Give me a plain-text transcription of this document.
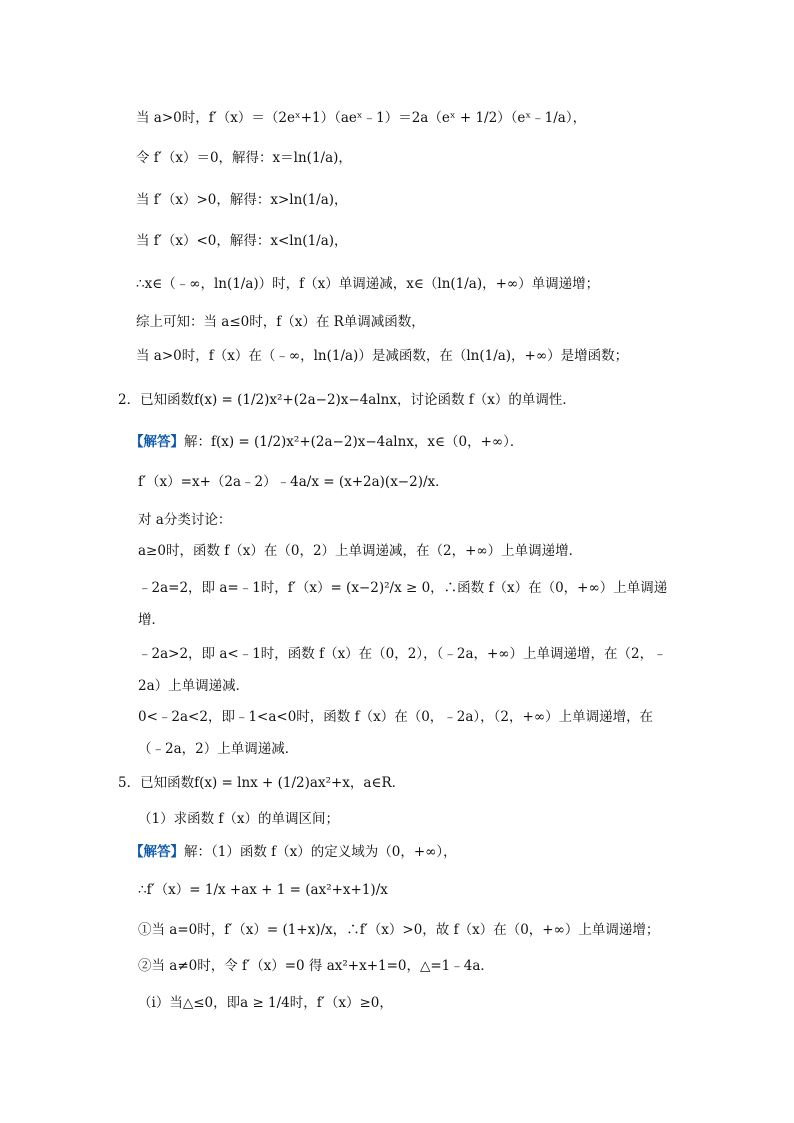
当 a>0时，f′（x）＝（2eˣ+1）（aeˣ﹣1）＝2a（eˣ + 1/2）（eˣ﹣1/a），
令 f′（x）＝0，解得：x＝ln(1/a)，
当 f′（x）>0，解得：x>ln(1/a)，
当 f′（x）<0，解得：x<ln(1/a)，
∴x∈（﹣∞，ln(1/a)）时，f（x）单调递减，x∈（ln(1/a)，+∞）单调递增；
综上可知：当 a≤0时，f（x）在 R单调减函数，
当 a>0时，f（x）在（﹣∞，ln(1/a)）是减函数，在（ln(1/a)，+∞）是增函数；
2．已知函数f(x) = (1/2)x²+(2a−2)x−4alnx，讨论函数 f（x）的单调性．
【解答】解：f(x) = (1/2)x²+(2a−2)x−4alnx，x∈（0，+∞）．
f′（x）=x+（2a﹣2）﹣4a/x = (x+2a)(x−2)/x．
对 a分类讨论：
a≥0时，函数 f（x）在（0，2）上单调递减，在（2，+∞）上单调递增．
﹣2a=2，即 a=﹣1时，f′（x）= (x−2)²/x ≥ 0，∴函数 f（x）在（0，+∞）上单调递
增．
﹣2a>2，即 a<﹣1时，函数 f（x）在（0，2），（﹣2a，+∞）上单调递增，在（2，﹣
2a）上单调递减．
0<﹣2a<2，即﹣1<a<0时，函数 f（x）在（0，﹣2a），（2，+∞）上单调递增，在
（﹣2a，2）上单调递减．
5．已知函数f(x) = lnx + (1/2)ax²+x，a∈R．
（1）求函数 f（x）的单调区间；
【解答】解：（1）函数 f（x）的定义域为（0，+∞），
∴f′（x）= 1/x +ax + 1 = (ax²+x+1)/x
①当 a=0时，f′（x）= (1+x)/x，∴f′（x）>0，故 f（x）在（0，+∞）上单调递增；
②当 a≠0时，令 f′（x）=0 得 ax²+x+1=0，△=1﹣4a．
（ⅰ）当△≤0，即a ≥ 1/4时，f′（x）≥0，
